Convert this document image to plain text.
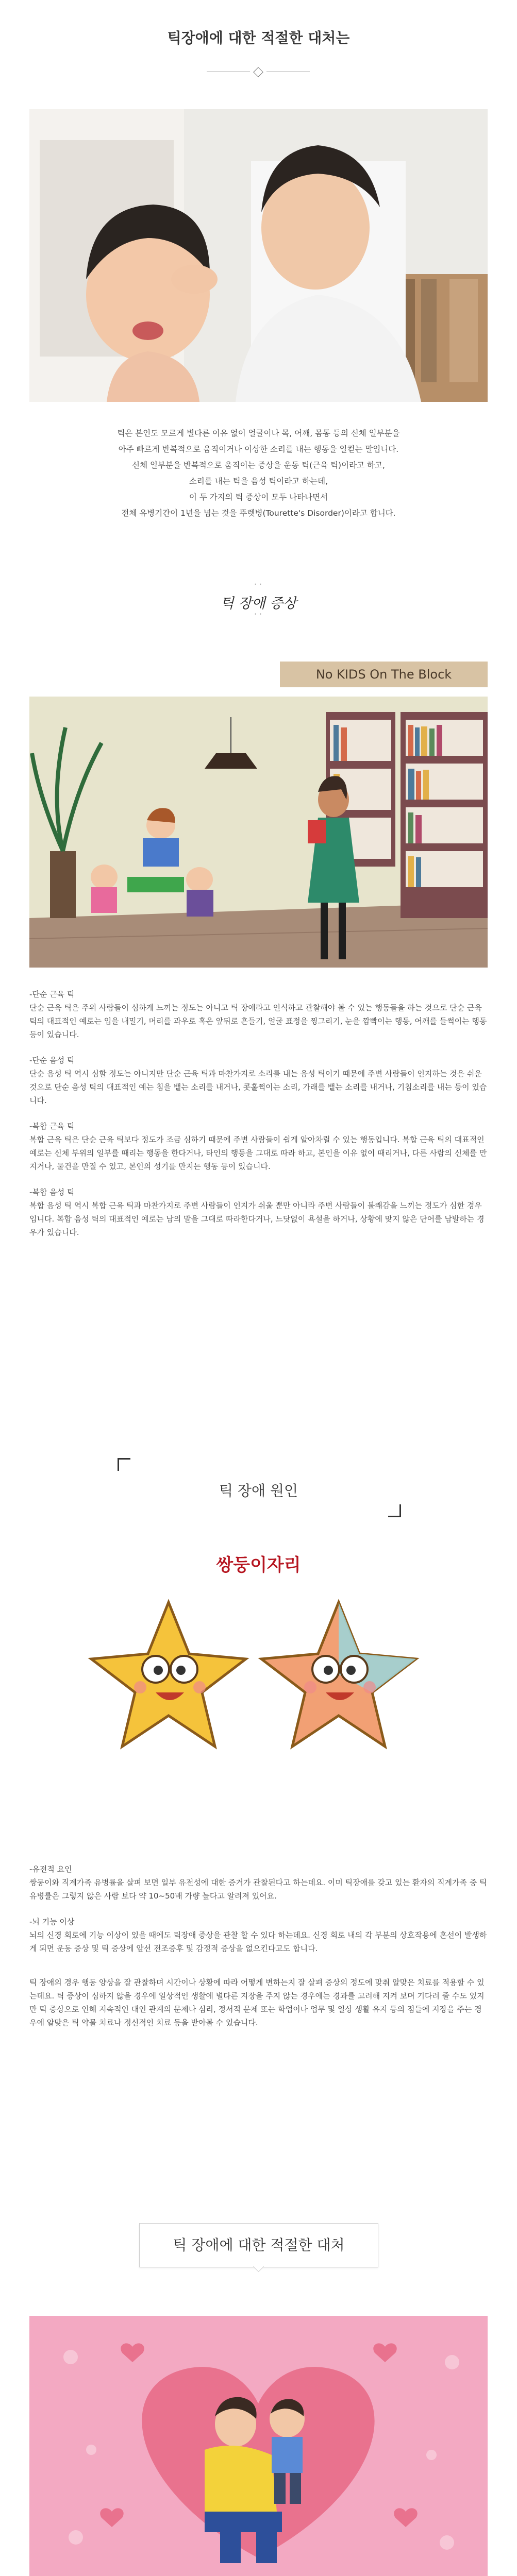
틱장애에 대한 적절한 대처는
틱은 본인도 모르게 별다른 이유 없이 얼굴이나 목, 어깨, 몸통 등의 신체 일부분을
아주 빠르게 반복적으로 움직이거나 이상한 소리를 내는 행동을 일컫는 말입니다.
신체 일부분을 반복적으로 움직이는 증상을 운동 틱(근육 틱)이라고 하고,
소리를 내는 틱을 음성 틱이라고 하는데,
이 두 가지의 틱 증상이 모두 나타나면서
전체 유병기간이 1년을 넘는 것을 뚜렛병(Tourette's Disorder)이라고 합니다.
˙˙
틱 장애 증상
˙˙
No KIDS On The Block

-단순 근육 틱
단순 근육 틱은 주위 사람들이 심하게 느끼는 정도는 아니고 틱 장애라고 인식하고 관찰해야 볼 수 있는 행동들을 하는 것으로 단순 근육 틱의 대표적인 예로는 입을 내밀기, 머리를 과우로 혹은 앞뒤로 흔들기, 얼굴 표정을 찡그리기, 눈을 깜빡이는 행동, 어깨를 들썩이는 행동 등이 있습니다.

-단순 음성 틱
단순 음성 틱 역시 심할 정도는 아니지만 단순 근육 틱과 마찬가지로 소리를 내는 음성 틱이기 때문에 주변 사람들이 인지하는 것은 쉬운 것으로 단순 음성 틱의 대표적인 예는 침을 뱉는 소리를 내거나, 콧훌쩍이는 소리, 가래를 뱉는 소리를 내거나, 기침소리를 내는 등이 있습니다.

-복합 근육 틱
복합 근육 틱은 단순 근육 틱보다 정도가 조금 심하기 때문에 주변 사람들이 쉽게 알아차릴 수 있는 행동입니다. 복합 근육 틱의 대표적인 예로는 신체 부위의 일부를 때리는 행동을 한다거나, 타인의 행동을 그대로 따라 하고, 본인을 이유 없이 때리거나, 다른 사람의 신체를 만지거나, 물건을 만질 수 있고, 본인의 성기를 만지는 행동 등이 있습니다.

-복합 음성 틱
복합 음성 틱 역시 복합 근육 틱과 마찬가지로 주변 사람들이 인지가 쉬울 뿐만 아니라 주변 사람들이 불쾌감을 느끼는 정도가 심한 경우입니다. 복합 음성 틱의 대표적인 예로는 남의 말을 그대로 따라한다거나, 느닷없이 욕설을 하거나, 상황에 맞지 않은 단어를 남발하는 경우가 있습니다.

틱 장애 원인
쌍둥이자리

-유전적 요인
쌍둥이와 직계가족 유병률을 살펴 보면 일부 유전성에 대한 증거가 관찰된다고 하는데요. 이미 틱장애를 갖고 있는 환자의 직계가족 중 틱 유병률은 그렇지 않은 사람 보다 약 10~50배 가량 높다고 알려져 있어요.

-뇌 기능 이상
뇌의 신경 회로에 기능 이상이 있을 때에도 틱장애 증상을 관찰 할 수 있다 하는데요. 신경 회로 내의 각 부분의 상호작용에 혼선이 발생하게 되면 운동 증상 및 틱 증상에 앞선 전조증후 및 감정적 증상을 없으킨다고도 합니다.

틱 장애의 경우 행동 양상을 잘 관찰하며 시간이나 상황에 따라 어떻게 변하는지 잘 살펴 증상의 정도에 맞춰 알맞은 치료를 적용할 수 있는데요. 틱 증상이 심하지 않을 경우에 일상적인 생활에 별다른 지장을 주지 않는 경우에는 경과를 고려해 지켜 보며 기다려 줄 수도 있지만 틱 증상으로 인해 지속적인 대인 관계의 문제나 심리, 정서적 문제 또는 학업이나 업무 및 일상 생활 유지 등의 점들에 지장을 주는 경우에 알맞은 틱 약물 치료나 정신적인 치료 등을 받아볼 수 있습니다.

틱 장애에 대한 적절한 대처
